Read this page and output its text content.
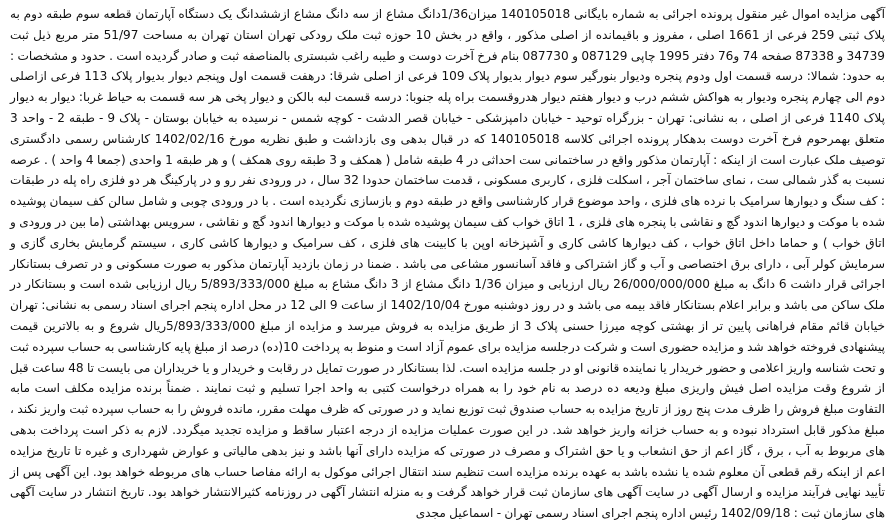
آگهی مزایده اموال غیر منقول پرونده اجرائی به شماره بایگانی 140105018 میزان1/36دانگ مشاع از سه دانگ مشاع ازششدانگ یک دستگاه آپارتمان قطعه سوم طبقه دوم به پلاک ثبتی 259 فرعی از 1661 اصلی ، مفروز و باقیمانده از اصلی مذکور ، واقع در بخش 10 حوزه ثبت ملک رودکی تهران استان تهران به مساحت 51/97 متر مربع ذیل ثبت 34739 و 87338 صفحه 74 و76 دفتر 1995 چاپی 087129 و 087730 بنام فرخ آخرت دوست و طیبه راغب شبستری بالمناصفه ثبت و صادر گردیده است . حدود و مشخصات : به حدود: شمالا: درسه قسمت اول ودوم پنجره ودیوار بنورگیر سوم دیوار بدیوار پلاک 109 فرعی از اصلی شرقا: درهفت قسمت اول وپنجم دیوار بدیوار پلاک 113 فرعی ازاصلی دوم الی چهارم پنجره ودیوار به هواکش ششم درب و دیوار هفتم دیوار هدروقسمت براه پله جنوبا: درسه قسمت لبه بالکن و دیوار پخی هر سه قسمت به حیاط غربا: دیوار به دیوار پلاک 1140 فرعی از اصلی ، به نشانی: تهران - بزرگراه توحید - خیابان دامپزشکی - خیابان قصر الدشت - کوچه شمس - نرسیده به خیابان بوستان - پلاک 9 - طبقه 2 - واحد 3 متعلق بهمرحوم فرخ آخرت دوست بدهکار پرونده اجرائی کلاسه 140105018 که در قبال بدهی وی بازداشت و طبق نظریه مورخ 1402/02/16 کارشناس رسمی دادگستری توصیف ملک عبارت است از اینکه : آپارتمان مذکور واقع در ساختمانی ست احداثی در 4 طبقه شامل ( همکف و 3 طبقه روی همکف ) و هر طبقه 1 واحدی (جمعا 4 واحد ) . عرصه نسبت به گذر شمالی ست ، نمای ساختمان آجر ، اسکلت فلزی ، کاربری مسکونی ، قدمت ساختمان حدودا 32 سال ، در ورودی نفر رو و در پارکینگ هر دو فلزی راه پله در طبقات : کف سنگ و دیوارها سرامیک با نرده های فلزی ، واحد موضوع قرار کارشناسی واقع در طبقه دوم و بازسازی نگردیده است . با در ورودی چوبی و شامل سالن کف سیمان پوشیده شده با موکت و دیوارها اندود گچ و نقاشی با پنجره های فلزی ، 1 اتاق خواب کف سیمان پوشیده شده با موکت و دیوارها اندود گچ و نقاشی ، سرویس بهداشتی (ما بین در ورودی و اتاق خواب ) و حماما داخل اتاق خواب ، کف دیوارها کاشی کاری و آشپزخانه اوپن با کابینت های فلزی ، کف سرامیک و دیوارها کاشی کاری ، سیستم گرمایش بخاری گازی و سرمایش کولر آبی ، دارای برق اختصاصی و آب و گاز اشتراکی و فاقد آسانسور مشاعی می باشد . ضمنا در زمان بازدید آپارتمان مذکور به صورت مسکونی و در تصرف بستانکار اجرائی قرار داشت 6 دانگ به مبلغ 26/000/000/000 ریال ارزیابی و میزان 1/36 دانگ مشاع از 3 دانگ مشاع به مبلغ 5/893/333/000 ریال ارزیابی شده است و بستانکار در ملک ساکن می باشد و برابر اعلام بستانکار فاقد بیمه می باشد و در روز دوشنبه مورخ 1402/10/04 از ساعت 9 الی 12 در محل اداره پنجم اجرای اسناد رسمی به نشانی: تهران خیابان قائم مقام فراهانی پایین تر از بهشتی کوچه میرزا حسنی پلاک 3 از طریق مزایده به فروش میرسد و مزایده از مبلغ 5/893/333/000ریال شروع و به بالاترین قیمت پیشنهادی فروخته خواهد شد و مزایده حضوری است و شرکت درجلسه مزایده برای عموم آزاد است و منوط به پرداخت 10(ده) درصد از مبلغ پایه کارشناسی به حساب سپرده ثبت و تحت شناسه واریز اعلامی و حضور خریدار یا نماینده قانونی او در جلسه مزایده است. لذا بستانکار در صورت تمایل در رقابت و خریدار و یا خریداران می بایست تا 48 ساعت قبل از شروع وقت مزایده اصل فیش واریزی مبلغ ودیعه ده درصد به نام خود را به همراه درخواست کتبی به واحد اجرا تسلیم و ثبت نمایند . ضمناً برنده مزایده مکلف است مابه التفاوت مبلغ فروش را ظرف مدت پنج روز از تاریخ مزایده به حساب صندوق ثبت توزیع نماید و در صورتی که ظرف مهلت مقرر، مانده فروش را به حساب سپرده ثبت واریز نکند ، مبلغ مذکور قابل استرداد نبوده و به حساب خزانه واریز خواهد شد. در این صورت عملیات مزایده از درجه اعتبار ساقط و مزایده تجدید میگردد. لازم به ذکر است پرداخت بدهی های مربوط به آب ، برق ، گاز اعم از حق انشعاب و یا حق اشتراک و مصرف در صورتی که مزایده دارای آنها باشد و نیز بدهی مالیاتی و عوارض شهرداری و غیره تا تاریخ مزایده اعم از اینکه رقم قطعی آن معلوم شده یا نشده باشد به عهده برنده مزایده است تنظیم سند انتقال اجرائی موکول به ارائه مفاصا حساب های مربوطه خواهد بود. این آگهی پس از تأیید نهایی فرآیند مزایده و ارسال آگهی در سایت آگهی های سازمان ثبت قرار خواهد گرفت و به منزله انتشار آگهی در روزنامه کثیرالانتشار خواهد بود. تاریخ انتشار در سایت آگهی های سازمان ثبت : 1402/09/18 رئیس اداره پنجم اجرای اسناد رسمی تهران - اسماعیل مجدی
